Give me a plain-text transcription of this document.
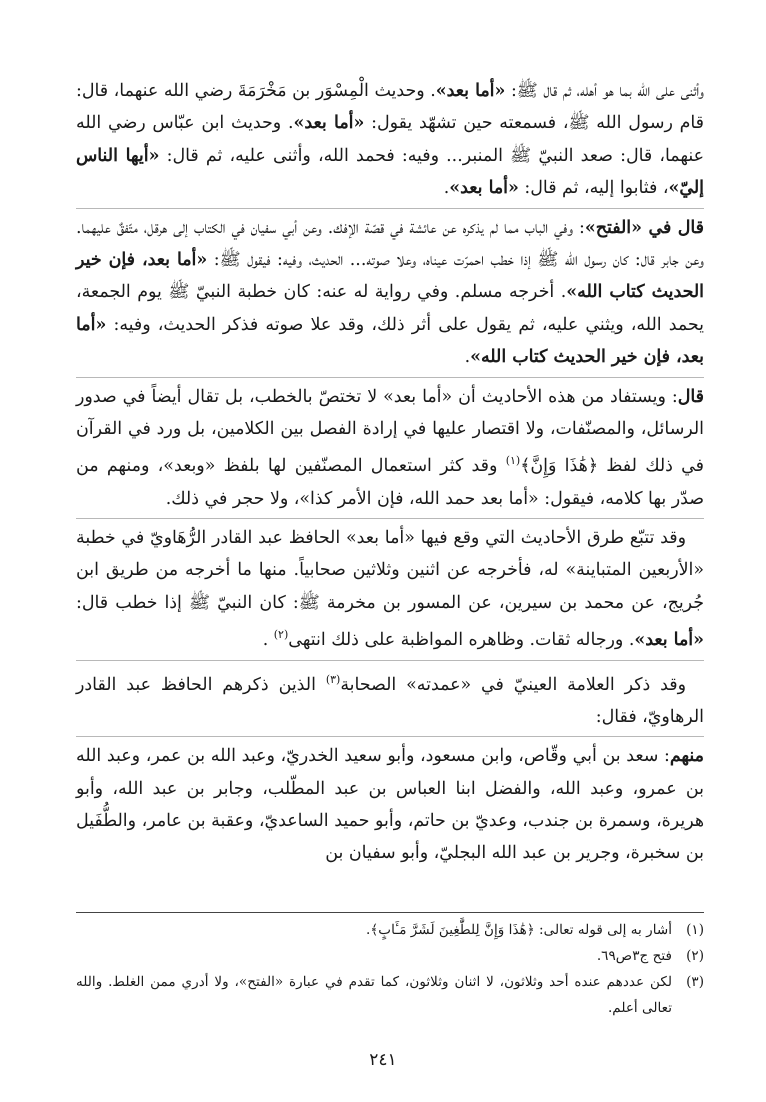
وأثنى على الله بما هو أهله، ثم قال ﷺ: «أما بعد». وحديث الْمِسْوَر بن مَخْرَمَةَ رضي الله عنهما، قال: قام رسول الله ﷺ، فسمعته حين تشهّد يقول: «أما بعد». وحديث ابن عبّاس رضي الله عنهما، قال: صعد النبيّ ﷺ المنبر... وفيه: فحمد الله، وأثنى عليه، ثم قال: «أيها الناس إليّ»، فثابوا إليه، ثم قال: «أما بعد».

قال في «الفتح»: وفي الباب مما لم يذكره عن عائشة في قصّة الإفك. وعن أبي سفيان في الكتاب إلى هرقل، متّفقٌ عليهما. وعن جابر قال: كان رسول الله ﷺ إذا خطب احمرّت عيناه، وعلا صوته... الحديث، وفيه: فيقول ﷺ: «أما بعد، فإن خير الحديث كتاب الله». أخرجه مسلم. وفي رواية له عنه: كان خطبة النبيّ ﷺ يوم الجمعة، يحمد الله، ويثني عليه، ثم يقول على أثر ذلك، وقد علا صوته فذكر الحديث، وفيه: «أما بعد، فإن خير الحديث كتاب الله».

قال: ويستفاد من هذه الأحاديث أن «أما بعد» لا تختصّ بالخطب، بل تقال أيضاً في صدور الرسائل، والمصنّفات، ولا اقتصار عليها في إرادة الفصل بين الكلامين، بل ورد في القرآن في ذلك لفظ ﴿هَٰذَا وَإِنَّ﴾$^{(١)}$ وقد كثر استعمال المصنّفين لها بلفظ «وبعد»، ومنهم من صدّر بها كلامه، فيقول: «أما بعد حمد الله، فإن الأمر كذا»، ولا حجر في ذلك.

وقد تتبّع طرق الأحاديث التي وقع فيها «أما بعد» الحافظ عبد القادر الرُّهَاويّ في خطبة «الأربعين المتباينة» له، فأخرجه عن اثنين وثلاثين صحابياً. منها ما أخرجه من طريق ابن جُريج، عن محمد بن سيرين، عن المسور بن مخرمة ﷺ: كان النبيّ ﷺ إذا خطب قال: «أما بعد». ورجاله ثقات. وظاهره المواظبة على ذلك انتهى$^{(٢)}$ .

وقد ذكر العلامة العينيّ في «عمدته» الصحابة$^{(٣)}$ الذين ذكرهم الحافظ عبد القادر الرهاويّ، فقال:

منهم: سعد بن أبي وقّاص، وابن مسعود، وأبو سعيد الخدريّ، وعبد الله بن عمر، وعبد الله بن عمرو، وعبد الله، والفضل ابنا العباس بن عبد المطّلب، وجابر بن عبد الله، وأبو هريرة، وسمرة بن جندب، وعديّ بن حاتم، وأبو حميد الساعديّ، وعقبة بن عامر، والطُّفَيل بن سخبرة، وجرير بن عبد الله البجليّ، وأبو سفيان بن

(١)
أشار به إلى قوله تعالى: ﴿هَٰذَا وَإِنَّ لِلطَّٰغِينَ لَشَرَّ مَـَٔابٍ﴾.
(٢)
فتح ج٣ص٦٩.
(٣)
لكن عددهم عنده أحد وثلاثون، لا اثنان وثلاثون، كما تقدم في عبارة «الفتح»، ولا أدري ممن الغلط. والله تعالى أعلم.
٢٤١
